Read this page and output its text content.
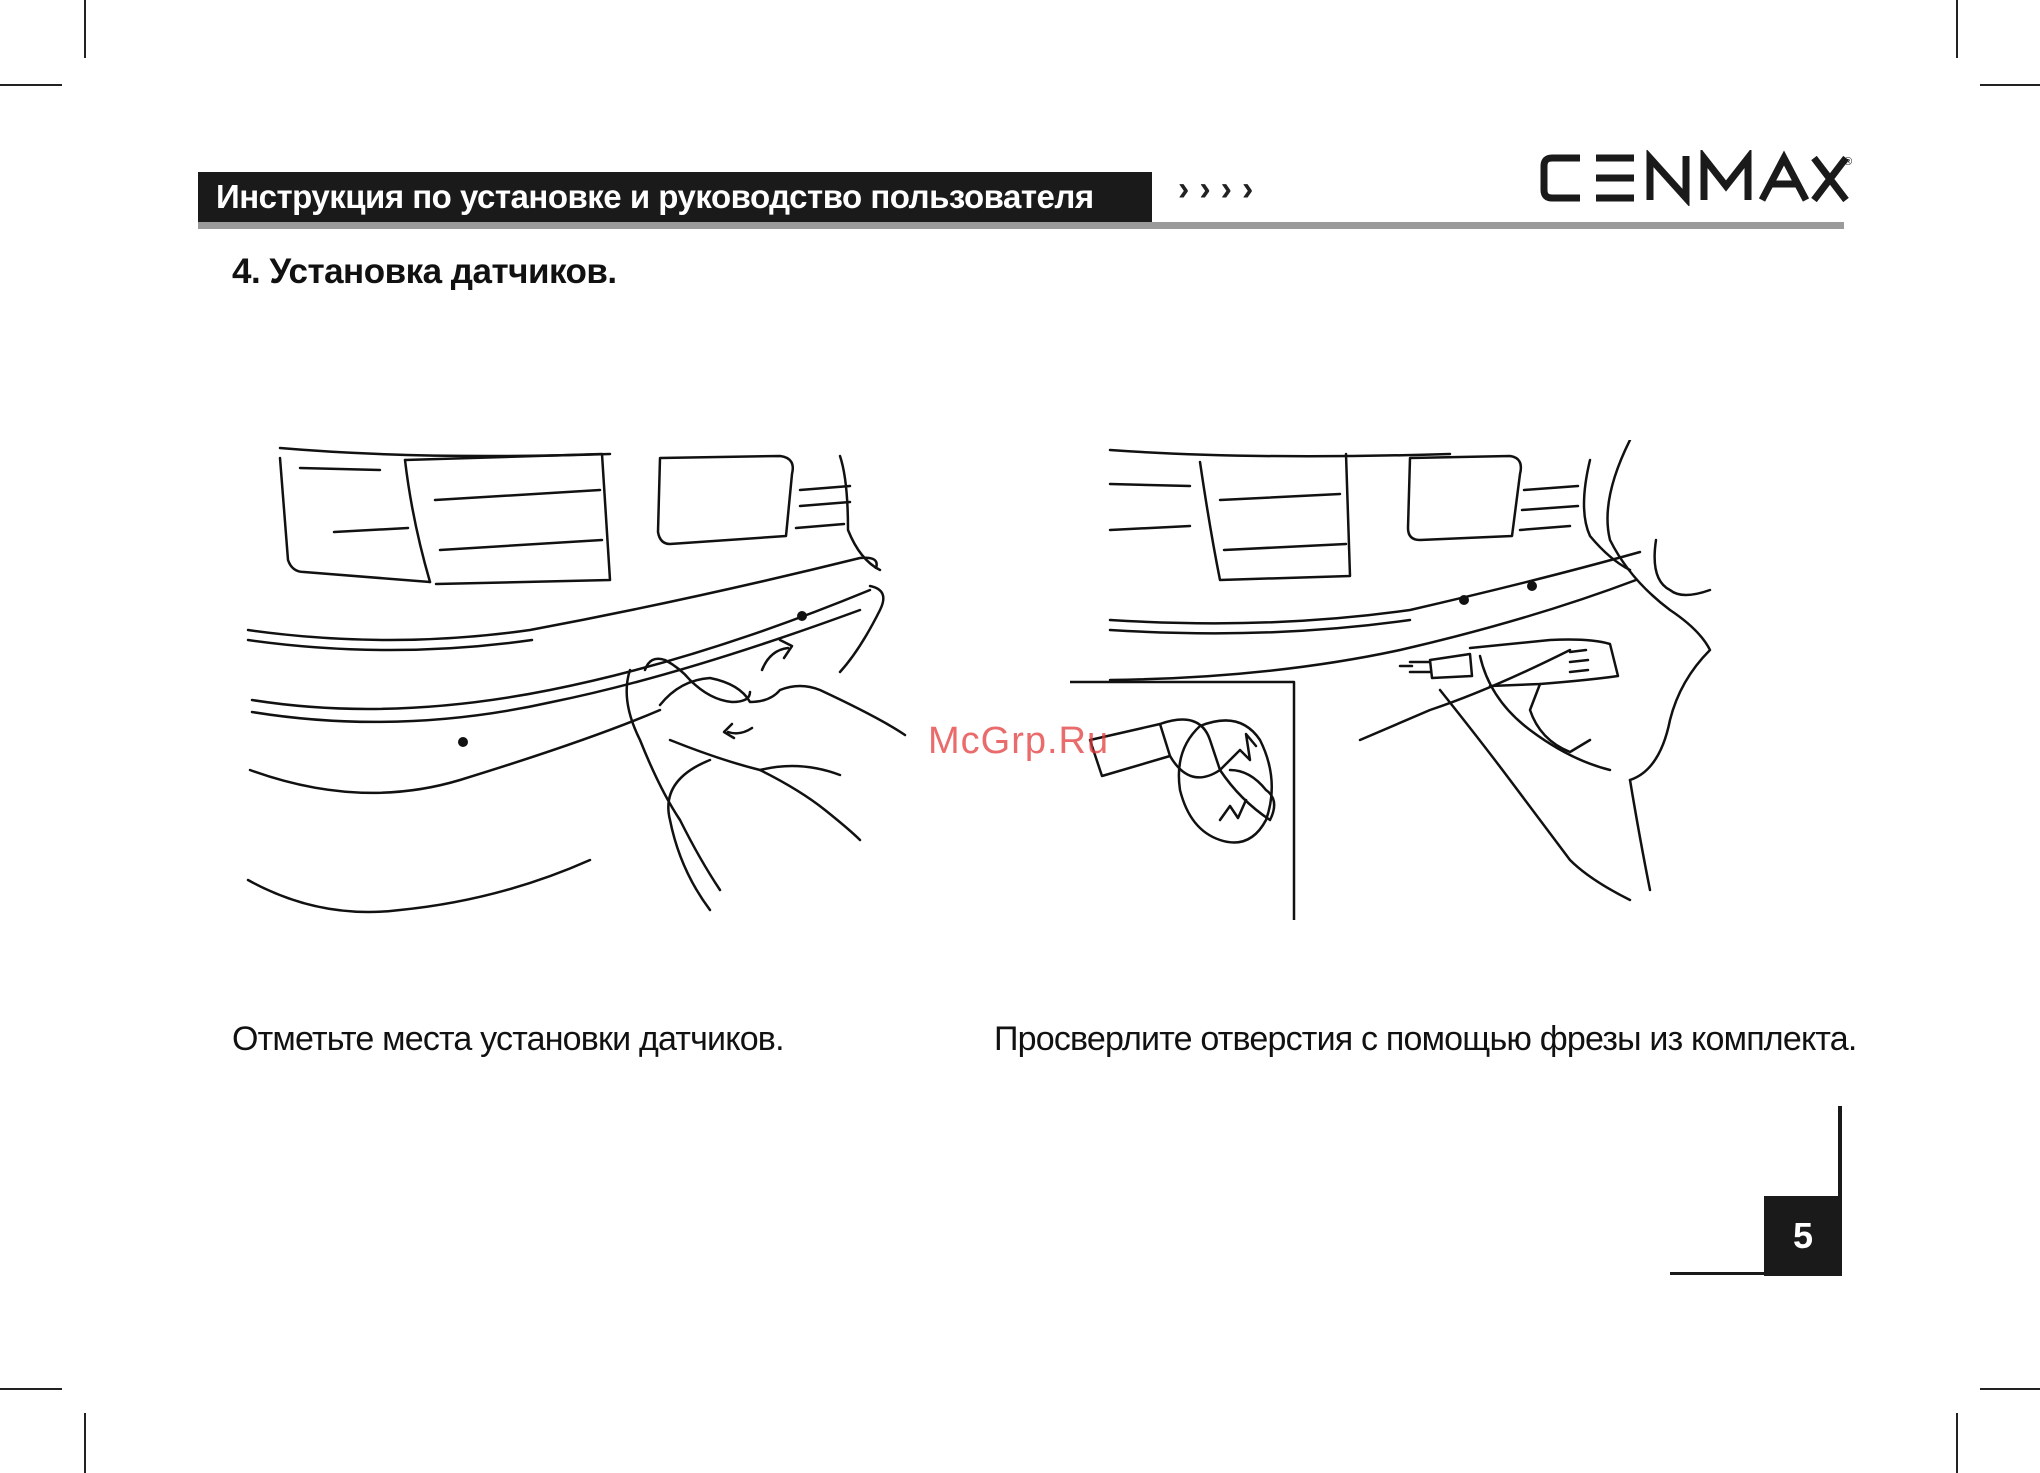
Инструкция по установке и руководство пользователя	››››
®
4. Установка датчиков.
McGrp.Ru
Отметьте места установки датчиков.	Просверлите отверстия с помощью фрезы из комплекта.
5
